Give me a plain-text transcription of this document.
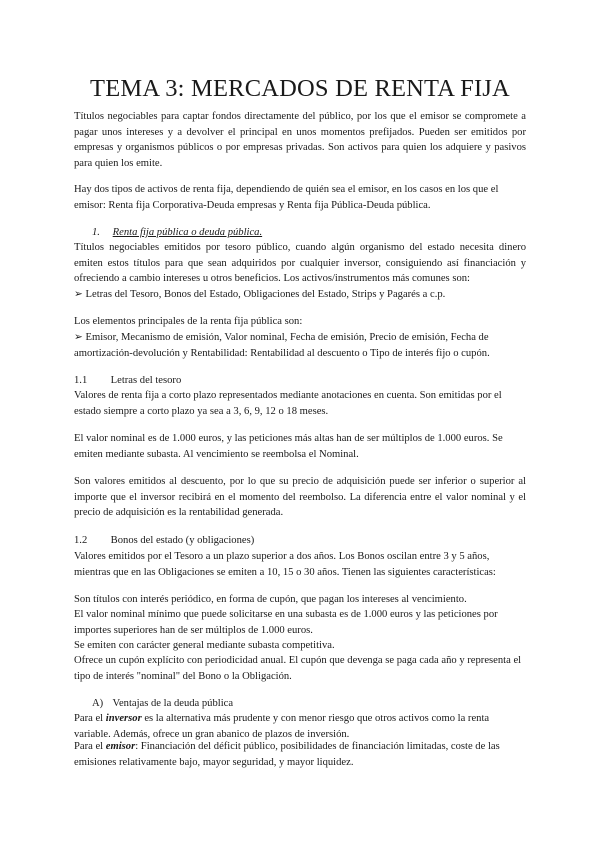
TEMA 3: MERCADOS DE RENTA FIJA

Títulos negociables para captar fondos directamente del público, por los que el emisor se compromete a pagar unos intereses y a devolver el principal en unos momentos prefijados. Pueden ser emitidos por empresas y organismos públicos o por empresas privadas. Son activos para quien los adquiere y pasivos para quien los emite.

Hay dos tipos de activos de renta fija, dependiendo de quién sea el emisor, en los casos en los que el emisor: Renta fija Corporativa-Deuda empresas y Renta fija Pública-Deuda pública.

1. Renta fija pública o deuda pública.

Títulos negociables emitidos por tesoro público, cuando algún organismo del estado necesita dinero emiten estos títulos para que sean adquiridos por cualquier inversor, consiguiendo así financiación y ofreciendo a cambio intereses u otros beneficios. Los activos/instrumentos más comunes son:

➢ Letras del Tesoro, Bonos del Estado, Obligaciones del Estado, Strips y Pagarés a c.p.

Los elementos principales de la renta fija pública son:

➢ Emisor, Mecanismo de emisión, Valor nominal, Fecha de emisión, Precio de emisión, Fecha de
amortización-devolución y Rentabilidad: Rentabilidad al descuento o Tipo de interés fijo o cupón.
1.1 Letras del tesoro

Valores de renta fija a corto plazo representados mediante anotaciones en cuenta. Son emitidas por el estado siempre a corto plazo ya sea a 3, 6, 9, 12 o 18 meses.

El valor nominal es de 1.000 euros, y las peticiones más altas han de ser múltiplos de 1.000 euros. Se emiten mediante subasta. Al vencimiento se reembolsa el Nominal.

Son valores emitidos al descuento, por lo que su precio de adquisición puede ser inferior o superior al importe que el inversor recibirá en el momento del reembolso. La diferencia entre el valor nominal y el precio de adquisición es la rentabilidad generada.

1.2 Bonos del estado (y obligaciones)

Valores emitidos por el Tesoro a un plazo superior a dos años. Los Bonos oscilan entre 3 y 5 años, mientras que en las Obligaciones se emiten a 10, 15 o 30 años. Tienen las siguientes características:

Son títulos con interés periódico, en forma de cupón, que pagan los intereses al vencimiento.

El valor nominal mínimo que puede solicitarse en una subasta es de 1.000 euros y las peticiones por importes superiores han de ser múltiplos de 1.000 euros.

Se emiten con carácter general mediante subasta competitiva.

Ofrece un cupón explícito con periodicidad anual. El cupón que devenga se paga cada año y representa el tipo de interés "nominal" del Bono o la Obligación.

A) Ventajas de la deuda pública

Para el inversor es la alternativa más prudente y con menor riesgo que otros activos como la renta variable. Además, ofrece un gran abanico de plazos de inversión.

Para el emisor: Financiación del déficit público, posibilidades de financiación limitadas, coste de las emisiones relativamente bajo, mayor seguridad, y mayor liquidez.
